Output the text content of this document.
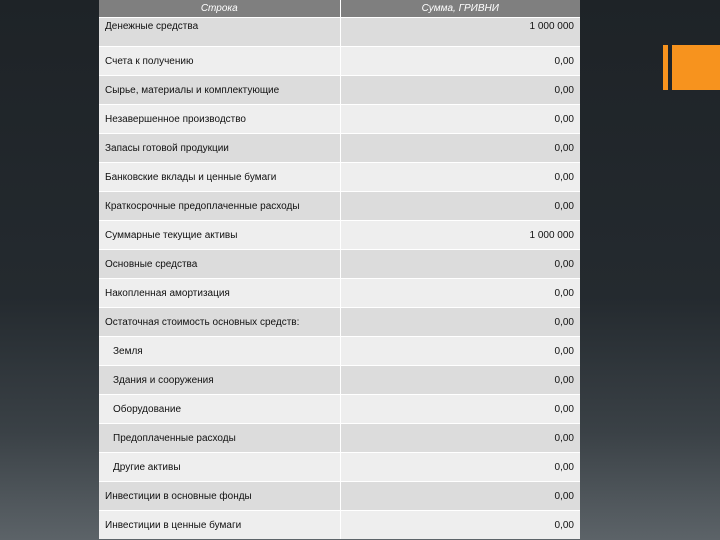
Строка	Сумма, ГРИВНИ
Денежные средства	1 000 000
Счета к получению	0,00
Сырье, материалы и комплектующие	0,00
Незавершенное производство	0,00
Запасы готовой продукции	0,00
Банковские вклады и ценные бумаги	0,00
Краткосрочные предоплаченные расходы	0,00
Суммарные текущие активы	1 000 000
Основные средства	0,00
Накопленная амортизация	0,00
Остаточная стоимость основных средств:	0,00
Земля	0,00
Здания и сооружения	0,00
Оборудование	0,00
Предоплаченные расходы	0,00
Другие активы	0,00
Инвестиции в основные фонды	0,00
Инвестиции в ценные бумаги	0,00
